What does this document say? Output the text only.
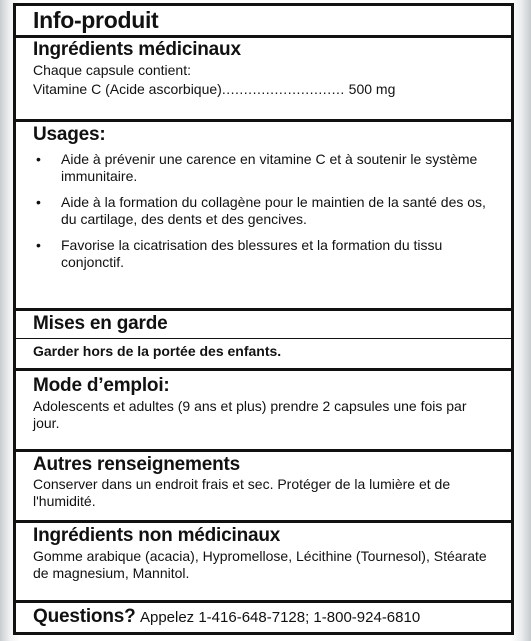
Info-produit
Ingrédients médicinaux
Chaque capsule contient:
Vitamine C (Acide ascorbique)............................ 500 mg
Usages:
• Aide à prévenir une carence en vitamine C et à soutenir le système immunitaire.
• Aide à la formation du collagène pour le maintien de la santé des os, du cartilage, des dents et des gencives.
• Favorise la cicatrisation des blessures et la formation du tissu conjonctif.
Mises en garde
Garder hors de la portée des enfants.
Mode d’emploi:
Adolescents et adultes (9 ans et plus) prendre 2 capsules une fois par jour.
Autres renseignements
Conserver dans un endroit frais et sec. Protéger de la lumière et de l'humidité.
Ingrédients non médicinaux
Gomme arabique (acacia), Hypromellose, Lécithine (Tournesol), Stéarate de magnesium, Mannitol.
Questions? Appelez 1-416-648-7128; 1-800-924-6810
